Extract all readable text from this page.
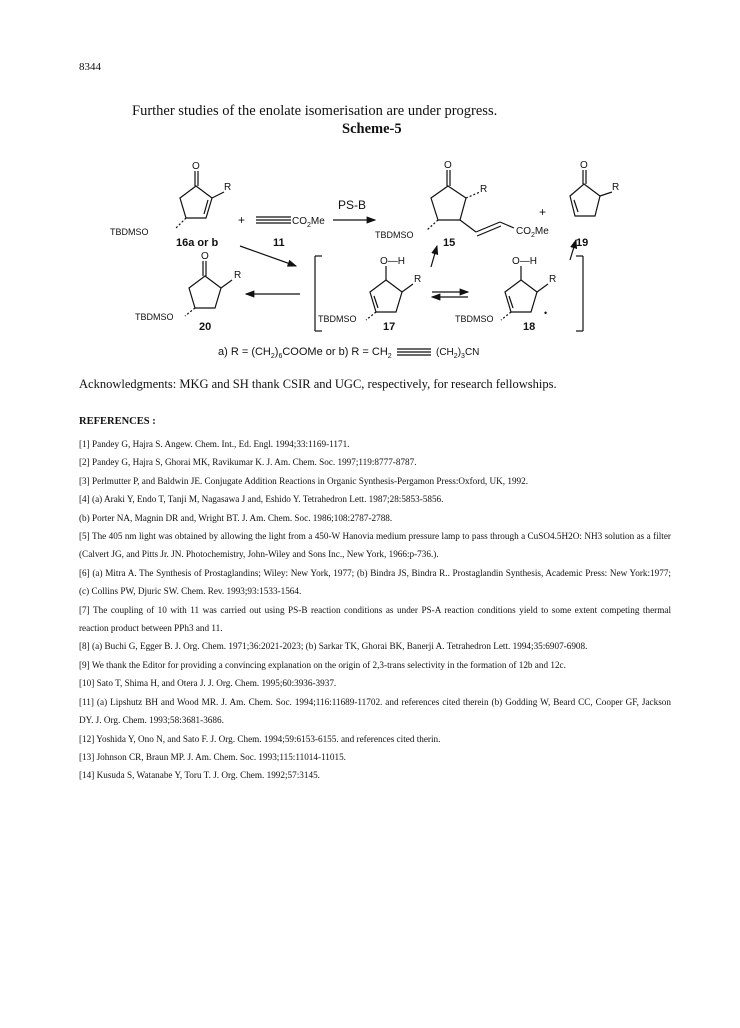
8344
Further studies of the enolate isomerisation are under progress.
Scheme-5
O
R
TBDMSO
16a or b
+	$CO_2Me$
11
PS-B
O
R
TBDMSO
15
$CO_2Me$
+
O
R
19
O
R
TBDMSO
20
O—H
R
TBDMSO
17
O—H
R
•
TBDMSO
18
a) $R = (CH_2)_6COOMe$ or b) $R = CH_2$	$(CH_2)_3CN$
Acknowledgments: MKG and SH thank CSIR and UGC, respectively, for research fellowships.
REFERENCES :
[1] Pandey G, Hajra S. Angew. Chem. Int., Ed. Engl. 1994;33:1169-1171.
[2] Pandey G, Hajra S, Ghorai MK, Ravikumar K. J. Am. Chem. Soc. 1997;119:8777-8787.
[3] Perlmutter P, and Baldwin JE. Conjugate Addition Reactions in Organic Synthesis-Pergamon Press:Oxford, UK, 1992.
[4] (a) Araki Y, Endo T, Tanji M, Nagasawa J and, Eshido Y. Tetrahedron Lett. 1987;28:5853-5856.
(b) Porter NA, Magnin DR and, Wright BT. J. Am. Chem. Soc. 1986;108:2787-2788.
[5] The 405 nm light was obtained by allowing the light from a 450-W Hanovia medium pressure lamp to pass through a CuSO4.5H2O: NH3 solution as a filter (Calvert JG, and Pitts Jr. JN. Photochemistry, John-Wiley and Sons Inc., New York, 1966:p-736.).
[6] (a) Mitra A. The Synthesis of Prostaglandins; Wiley: New York, 1977; (b) Bindra JS, Bindra R.. Prostaglandin Synthesis, Academic Press: New York:1977; (c) Collins PW, Djuric SW. Chem. Rev. 1993;93:1533-1564.
[7] The coupling of 10 with 11 was carried out using PS-B reaction conditions as under PS-A reaction conditions yield to some extent competing thermal reaction product between PPh3 and 11.
[8] (a) Buchi G, Egger B. J. Org. Chem. 1971;36:2021-2023; (b) Sarkar TK, Ghorai BK, Banerji A. Tetrahedron Lett. 1994;35:6907-6908.
[9] We thank the Editor for providing a convincing explanation on the origin of 2,3-trans selectivity in the formation of 12b and 12c.
[10] Sato T, Shima H, and Otera J. J. Org. Chem. 1995;60:3936-3937.
[11] (a) Lipshutz BH and Wood MR. J. Am. Chem. Soc. 1994;116:11689-11702. and references cited therein (b) Godding W, Beard CC, Cooper GF, Jackson DY. J. Org. Chem. 1993;58:3681-3686.
[12] Yoshida Y, Ono N, and Sato F. J. Org. Chem. 1994;59:6153-6155. and references cited therin.
[13] Johnson CR, Braun MP. J. Am. Chem. Soc. 1993;115:11014-11015.
[14] Kusuda S, Watanabe Y, Toru T. J. Org. Chem. 1992;57:3145.
